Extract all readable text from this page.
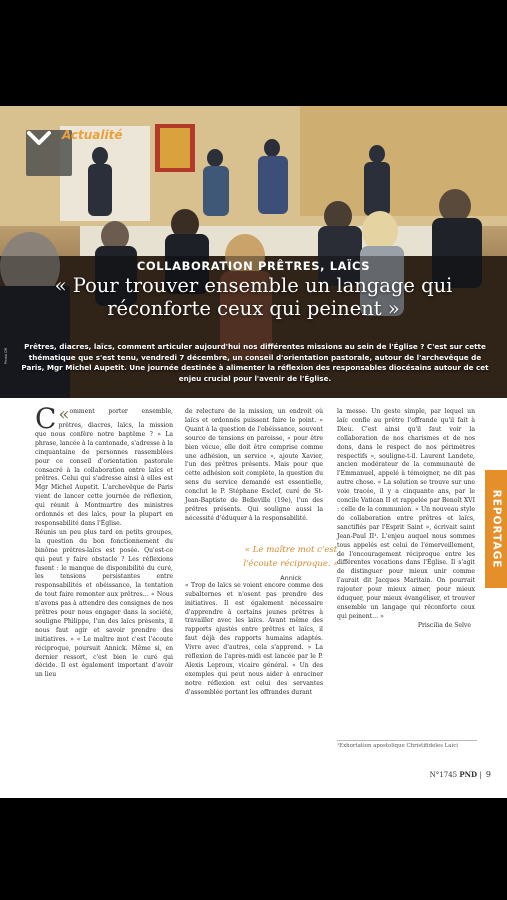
Actualité
COLLABORATION PRÊTRES, LAÏCS
« Pour trouver ensemble un langage qui réconforte ceux qui peinent »
Prêtres, diacres, laïcs, comment articuler aujourd'hui nos différentes missions au sein de l'Église ? C'est sur cette thématique que s'est tenu, vendredi 7 décembre, un conseil d'orientation pastorale, autour de l'archevêque de Paris, Mgr Michel Aupetit. Une journée destinée à alimenter la réflexion des responsables diocésains autour de cet enjeu crucial pour l'avenir de l'Église.
Photo DR

«
C omment porter ensemble, prêtres, diacres, laïcs, la mission que nous confère notre baptême ? » La phrase, lancée à la cantonade, s'adresse à la cinquantaine de personnes rassemblées pour ce conseil d'orientation pastorale consacré à la collaboration entre laïcs et prêtres. Celui qui s'adresse ainsi à elles est Mgr Michel Aupetit. L'archevêque de Paris vient de lancer cette journée de réflexion, qui réunit à Montmartre des ministres ordonnés et des laïcs, pour la plupart en responsabilité dans l'Église.

Réunis un peu plus tard en petits groupes, la question du bon fonctionnement du binôme prêtres-laïcs est posée. Qu'est-ce qui peut y faire obstacle ? Les réflexions fusent : le manque de disponibilité du curé, les tensions persistantes entre responsabilités et obéissance, la tentation de tout faire remonter aux prêtres… « Nous n'avons pas à attendre des consignes de nos prêtres pour nous engager dans la société, souligne Philippe, l'un des laïcs présents, il nous faut agir et savoir prendre des initiatives. » « Le maître mot c'est l'écoute réciproque, poursuit Annick. Même si, en dernier ressort, c'est bien le curé qui décide. Il est également important d'avoir un lieu

de relecture de la mission, un endroit où laïcs et ordonnés puissent faire le point. » Quant à la question de l'obéissance, souvent source de tensions en paroisse, « pour être bien vécue, elle doit être comprise comme une adhésion, un service », ajoute Xavier, l'un des prêtres présents. Mais pour que cette adhésion soit complète, la question du sens du service demandé est essentielle, conclut le P. Stéphane Esclef, curé de St-Jean-Baptiste de Belleville (19e), l'un des prêtres présents. Qui souligne aussi la nécessité d'éduquer à la responsabilité.

« Trop de laïcs se voient encore comme des subalternes et n'osent pas prendre des initiatives. Il est également nécessaire d'apprendre à certains jeunes prêtres à travailler avec les laïcs. Avant même des rapports ajustés entre prêtres et laïcs, il faut déjà des rapports humains adaptés. Vivre avec d'autres, cela s'apprend. » La réflexion de l'après-midi est lancée par le P. Alexis Leproux, vicaire général. « Un des exemples qui peut nous aider à enraciner notre réflexion est celui des servantes d'assemblée portant les offrandes durant

la messe. Un geste simple, par lequel un laïc confie au prêtre l'offrande qu'il fait à Dieu. C'est ainsi qu'il faut voir la collaboration de nos charismes et de nos dons, dans le respect de nos périmètres respectifs », souligne-t-il. Laurent Landete, ancien modérateur de la communauté de l'Emmanuel, appelé à témoigner, ne dit pas autre chose. « La solution se trouve sur une voie tracée, il y a cinquante ans, par le concile Vatican II et rappelée par Benoît XVI : celle de la communion. « Un nouveau style de collaboration entre prêtres et laïcs, sanctifiés par l'Esprit Saint », écrivait saint Jean-Paul II¹. L'enjeu auquel nous sommes tous appelés est celui de l'émerveillement, de l'encouragement réciproque entre les différentes vocations dans l'Église. Il s'agit de distinguer pour mieux unir comme l'aurait dit Jacques Maritain. On pourrait rajouter pour mieux aimer, pour mieux éduquer, pour mieux évangéliser, et trouver ensemble un langage qui réconforte ceux qui peinent… »

Priscilia de Selve

« Le maître mot c'est l'écoute réciproque. »
Annick
¹Exhortation apostolique Christifideles Laici
N°1745 PND | 9
REPORTAGE
